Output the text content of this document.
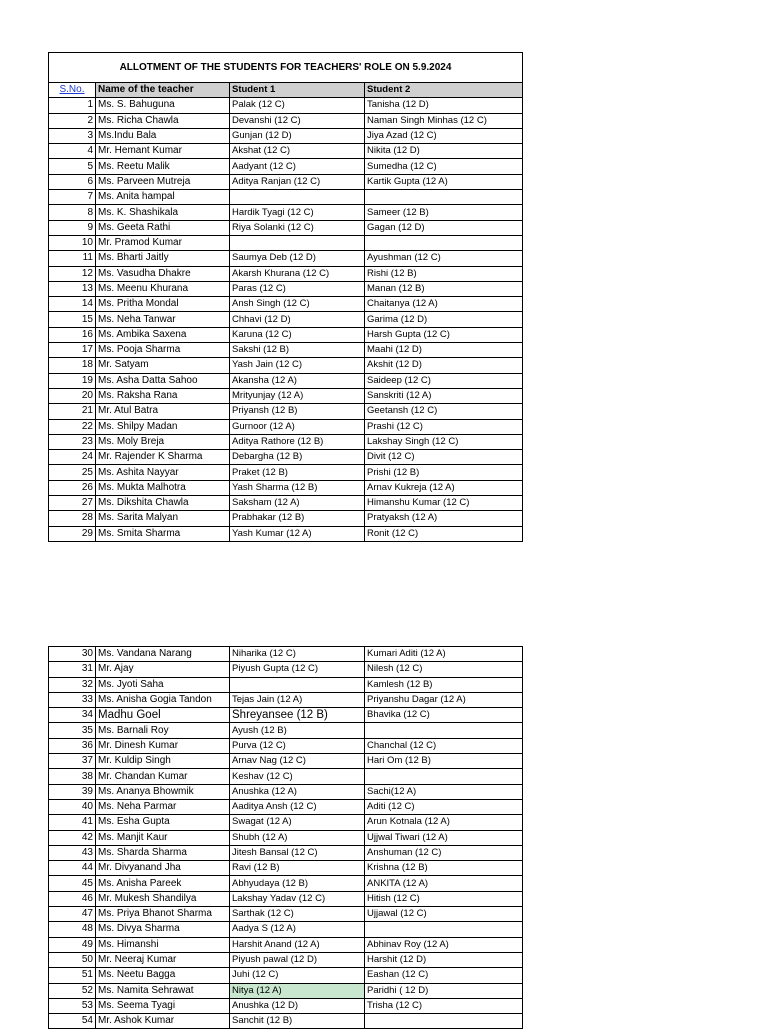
ALLOTMENT OF THE STUDENTS FOR TEACHERS' ROLE ON 5.9.2024			
S.No.	Name of the teacher	Student 1	Student 2
1	Ms. S. Bahuguna	Palak (12 C)	Tanisha (12 D)
2	Ms. Richa Chawla	Devanshi (12 C)	Naman Singh Minhas (12 C)
3	Ms.Indu Bala	Gunjan (12 D)	Jiya Azad (12 C)
4	Mr. Hemant Kumar	Akshat (12 C)	Nikita (12 D)
5	Ms. Reetu Malik	Aadyant (12 C)	Sumedha (12 C)
6	Ms. Parveen Mutreja	Aditya Ranjan (12 C)	Kartik Gupta (12 A)
7	Ms. Anita hampal		
8	Ms. K. Shashikala	Hardik Tyagi (12 C)	Sameer (12 B)
9	Ms. Geeta Rathi	Riya Solanki (12 C)	Gagan (12 D)
10	Mr. Pramod Kumar		
11	Ms. Bharti Jaitly	Saumya Deb (12 D)	Ayushman (12 C)
12	Ms. Vasudha Dhakre	Akarsh Khurana (12 C)	Rishi (12 B)
13	Ms. Meenu Khurana	Paras (12 C)	Manan (12 B)
14	Ms. Pritha Mondal	Ansh Singh (12 C)	Chaitanya (12 A)
15	Ms. Neha Tanwar	Chhavi (12 D)	Garima (12 D)
16	Ms. Ambika Saxena	Karuna (12 C)	Harsh Gupta (12 C)
17	Ms. Pooja Sharma	Sakshi (12 B)	Maahi (12 D)
18	Mr. Satyam	Yash Jain (12 C)	Akshit (12 D)
19	Ms. Asha Datta Sahoo	Akansha (12 A)	Saideep (12 C)
20	Ms. Raksha Rana	Mrityunjay (12 A)	Sanskriti (12 A)
21	Mr. Atul Batra	Priyansh (12 B)	Geetansh (12 C)
22	Ms. Shilpy Madan	Gurnoor (12 A)	Prashi (12 C)
23	Ms. Moly Breja	Aditya Rathore (12 B)	Lakshay Singh (12 C)
24	Mr. Rajender K Sharma	Debargha (12 B)	Divit (12 C)
25	Ms. Ashita Nayyar	Praket (12 B)	Prishi (12 B)
26	Ms. Mukta Malhotra	Yash Sharma (12 B)	Arnav Kukreja (12 A)
27	Ms. Dikshita Chawla	Saksham (12 A)	Himanshu Kumar (12 C)
28	Ms. Sarita Malyan	Prabhakar (12 B)	Pratyaksh (12 A)
29	Ms. Smita Sharma	Yash Kumar (12 A)	Ronit (12 C)
30	Ms. Vandana Narang	Niharika (12 C)	Kumari Aditi (12 A)
31	Mr. Ajay	Piyush Gupta (12 C)	Nilesh (12 C)
32	Ms. Jyoti Saha		Kamlesh (12 B)
33	Ms. Anisha Gogia Tandon	Tejas Jain (12 A)	Priyanshu Dagar (12 A)
34	Madhu Goel	Shreyansee (12 B)	Bhavika (12 C)
35	Ms. Barnali Roy	Ayush (12 B)	
36	Mr. Dinesh Kumar	Purva (12 C)	Chanchal (12 C)
37	Mr. Kuldip Singh	Arnav Nag (12 C)	Hari Om (12 B)
38	Mr. Chandan Kumar	Keshav (12 C)	
39	Ms. Ananya Bhowmik	Anushka (12 A)	Sachi(12 A)
40	Ms. Neha Parmar	Aaditya Ansh (12 C)	Aditi (12 C)
41	Ms. Esha Gupta	Swagat (12 A)	Arun Kotnala (12 A)
42	Ms. Manjit Kaur	Shubh (12 A)	Ujjwal Tiwari (12 A)
43	Ms. Sharda Sharma	Jitesh Bansal (12 C)	Anshuman (12 C)
44	Mr. Divyanand Jha	Ravi (12 B)	Krishna (12 B)
45	Ms. Anisha Pareek	Abhyudaya (12 B)	ANKITA (12 A)
46	Mr. Mukesh Shandilya	Lakshay Yadav (12 C)	Hitish (12 C)
47	Ms. Priya Bhanot Sharma	Sarthak (12 C)	Ujjawal (12 C)
48	Ms. Divya Sharma	Aadya S (12 A)	
49	Ms. Himanshi	Harshit Anand (12 A)	Abhinav Roy (12 A)
50	Mr. Neeraj Kumar	Piyush pawal (12 D)	Harshit (12 D)
51	Ms. Neetu Bagga	Juhi (12 C)	Eashan (12 C)
52	Ms. Namita Sehrawat	Nitya (12 A)	Paridhi ( 12 D)
53	Ms. Seema Tyagi	Anushka (12 D)	Trisha (12 C)
54	Mr. Ashok Kumar	Sanchit (12 B)	
